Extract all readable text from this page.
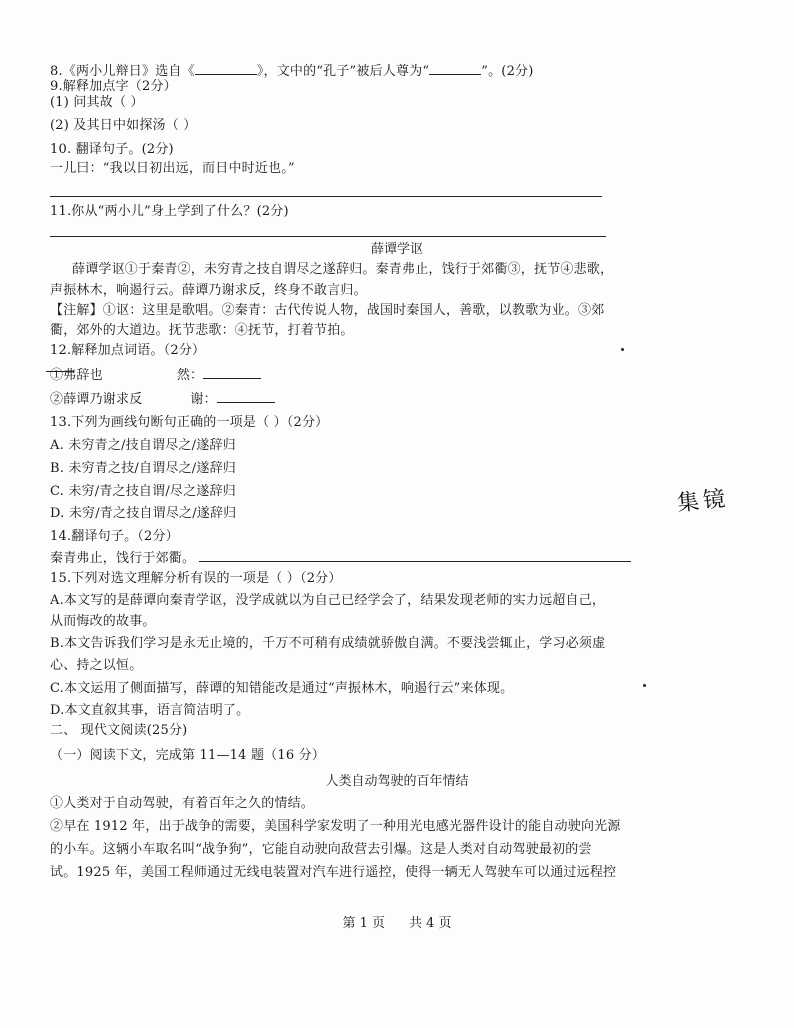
8.《两小儿辩日》选自《	》，文中的“孔子”被后人尊为“	”。(2分)
9.解释加点字（2分）
(1) 问其故（ ）
(2) 及其日中如探汤（ ）
10. 翻译句子。(2分)
一儿曰：“我以日初出远，而日中时近也。”
11.你从“两小儿”身上学到了什么？(2分)
薛谭学讴
薛谭学讴①于秦青②，未穷青之技自谓尽之遂辞归。秦青弗止，饯行于郊衢③，抚节④悲歌，
声振林木，响遏行云。薛谭乃谢求反，终身不敢言归。
【注解】①讴：这里是歌唱。②秦青：古代传说人物，战国时秦国人，善歌，以教歌为业。③郊
衢，郊外的大道边。抚节悲歌：④抚节，打着节拍。
12.解释加点词语。（2分）
①弗辞也	然：
②薛谭乃谢求反	谢：
13.下列为画线句断句正确的一项是（ ）（2分）
A. 未穷青之/技自谓尽之/遂辞归
B. 未穷青之技/自谓尽之/遂辞归
C. 未穷/青之技自谓/尽之遂辞归
D. 未穷/青之技自谓尽之/遂辞归	集镜
14.翻译句子。（2分）
秦青弗止，饯行于郊衢。
15.下列对选文理解分析有误的一项是（ ）（2分）
A.本文写的是薛谭向秦青学讴，没学成就以为自己已经学会了，结果发现老师的实力远超自己，
从而悔改的故事。
B.本文告诉我们学习是永无止境的，千万不可稍有成绩就骄傲自满。不要浅尝辄止，学习必须虚
心、持之以恒。
C.本文运用了侧面描写，薛谭的知错能改是通过“声振林木，响遏行云”来体现。
D.本文直叙其事，语言简洁明了。
二、 现代文阅读(25分)
（一）阅读下文，完成第 11—14 题（16 分）
人类自动驾驶的百年情结
①人类对于自动驾驶，有着百年之久的情结。
②早在 1912 年，出于战争的需要，美国科学家发明了一种用光电感光器件设计的能自动驶向光源
的小车。这辆小车取名叫“战争狗”，它能自动驶向敌营去引爆。这是人类对自动驾驶最初的尝
试。1925 年，美国工程师通过无线电装置对汽车进行遥控，使得一辆无人驾驶车可以通过远程控
第 1 页 共 4 页
